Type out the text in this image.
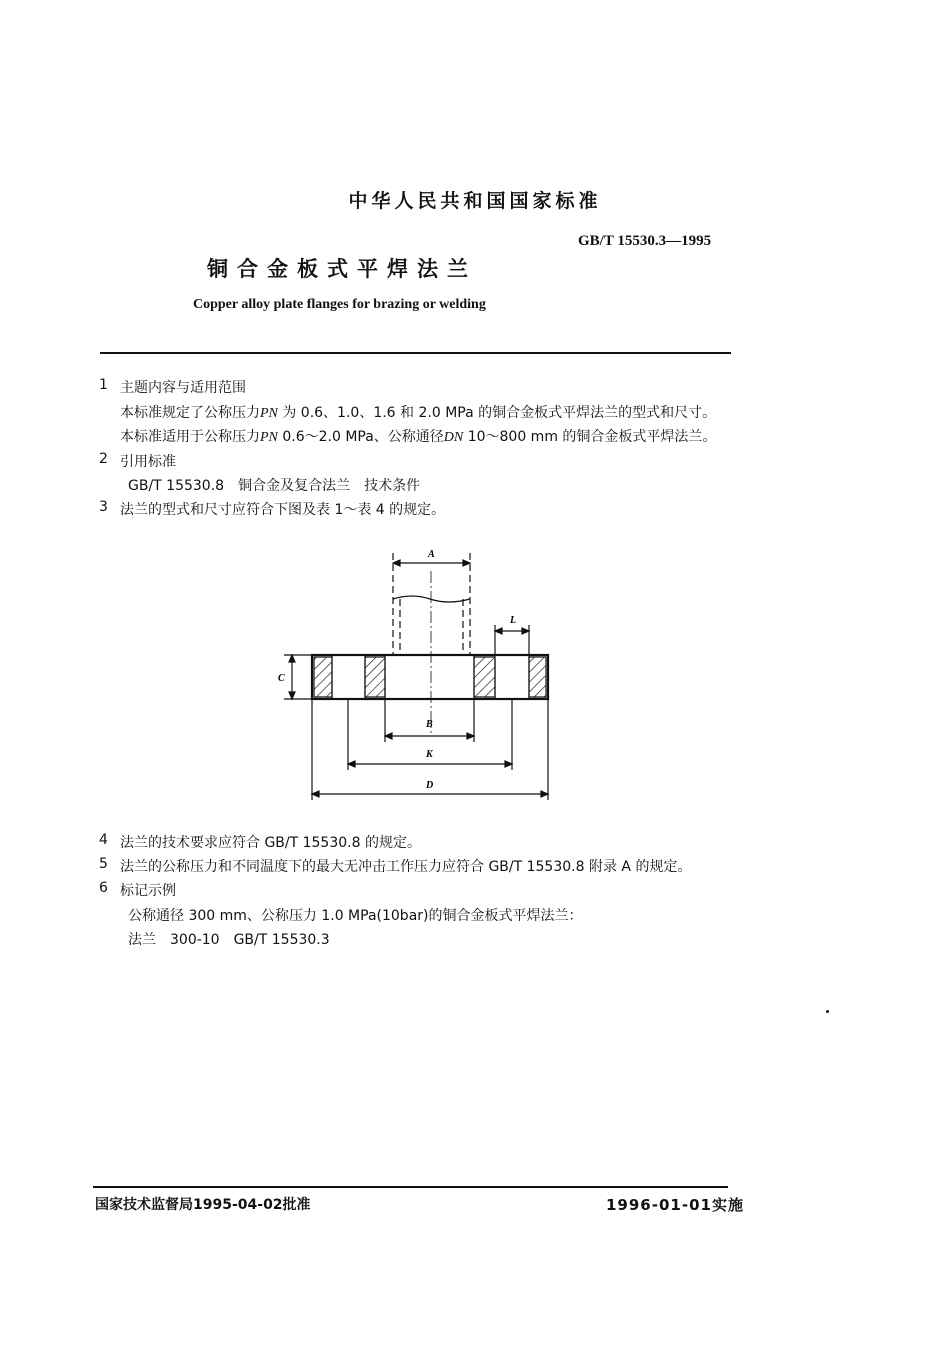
中华人民共和国国家标准
GB/T 15530.3—1995
铜合金板式平焊法兰
Copper alloy plate flanges for brazing or welding
1 主题内容与适用范围
本标准规定了公称压力PN 为 0.6、1.0、1.6 和 2.0 MPa 的铜合金板式平焊法兰的型式和尺寸。
本标准适用于公称压力PN 0.6～2.0 MPa、公称通径DN 10～800 mm 的铜合金板式平焊法兰。
2 引用标准
GB/T 15530.8　铜合金及复合法兰　技术条件
3 法兰的型式和尺寸应符合下图及表 1～表 4 的规定。
A
L
C
B
K
D
4 法兰的技术要求应符合 GB/T 15530.8 的规定。
5 法兰的公称压力和不同温度下的最大无冲击工作压力应符合 GB/T 15530.8 附录 A 的规定。
6 标记示例
公称通径 300 mm、公称压力 1.0 MPa(10bar)的铜合金板式平焊法兰：
法兰　300-10　GB/T 15530.3
国家技术监督局1995-04-02批准	1996-01-01实施
